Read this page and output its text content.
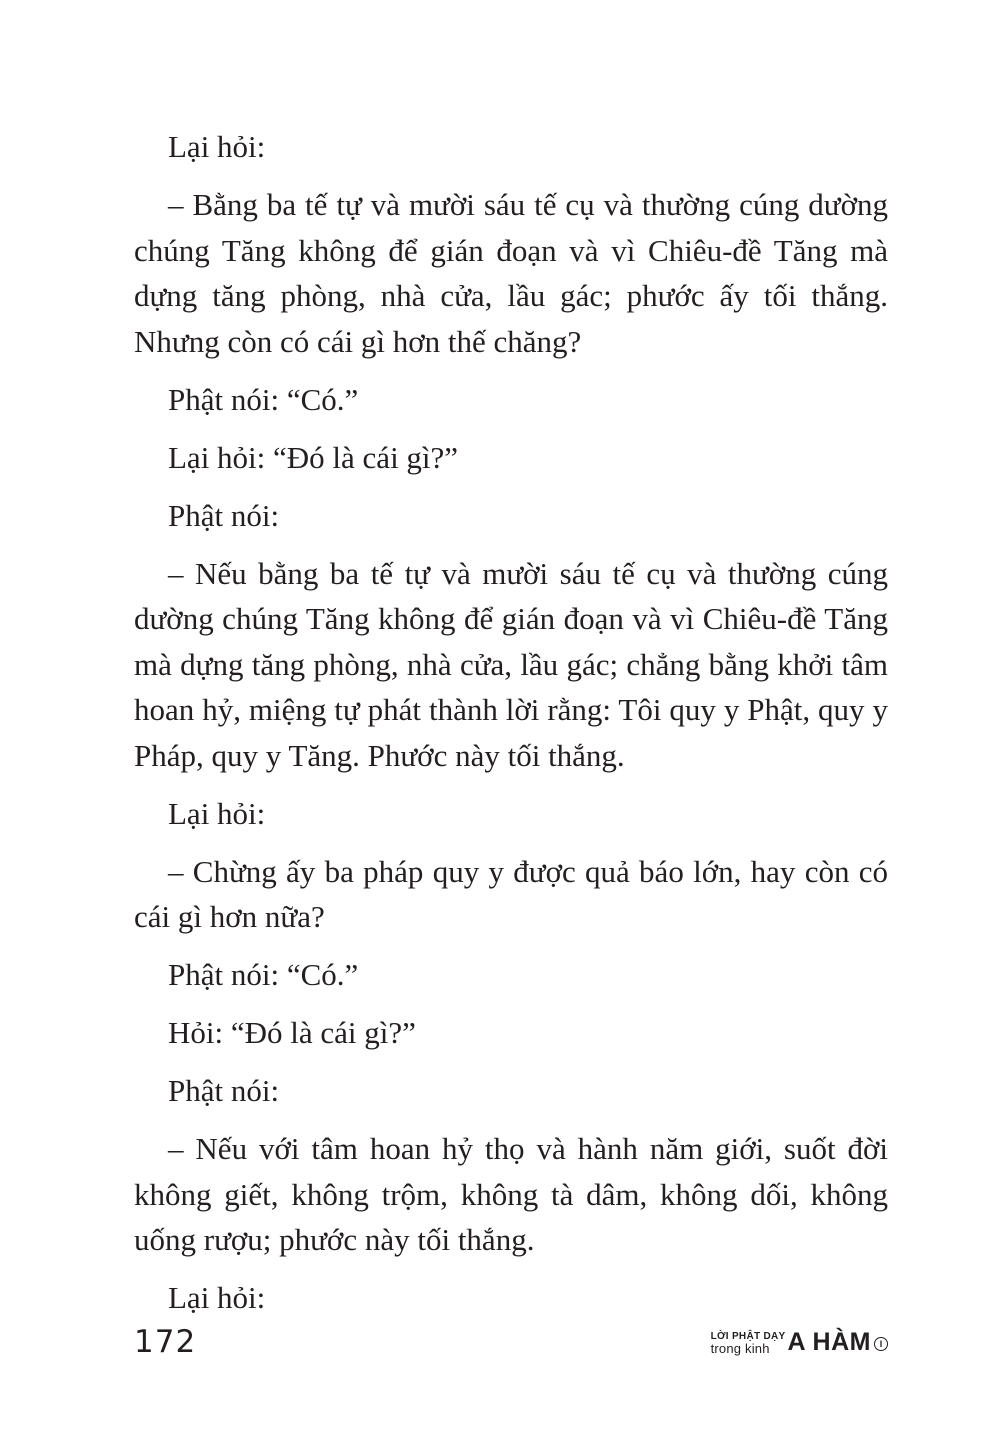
Lại hỏi:

– Bằng ba tế tự và mười sáu tế cụ và thường cúng dường chúng Tăng không để gián đoạn và vì Chiêu-đề Tăng mà dựng tăng phòng, nhà cửa, lầu gác; phước ấy tối thắng. Nhưng còn có cái gì hơn thế chăng?

Phật nói: “Có.”

Lại hỏi: “Đó là cái gì?”

Phật nói:

– Nếu bằng ba tế tự và mười sáu tế cụ và thường cúng dường chúng Tăng không để gián đoạn và vì Chiêu-đề Tăng mà dựng tăng phòng, nhà cửa, lầu gác; chẳng bằng khởi tâm hoan hỷ, miệng tự phát thành lời rằng: Tôi quy y Phật, quy y Pháp, quy y Tăng. Phước này tối thắng.

Lại hỏi:

– Chừng ấy ba pháp quy y được quả báo lớn, hay còn có cái gì hơn nữa?

Phật nói: “Có.”

Hỏi: “Đó là cái gì?”

Phật nói:

– Nếu với tâm hoan hỷ thọ và hành năm giới, suốt đời không giết, không trộm, không tà dâm, không dối, không uống rượu; phước này tối thắng.

Lại hỏi:

172	LỜI PHẬT DẠY
trong kinh A HÀM I
